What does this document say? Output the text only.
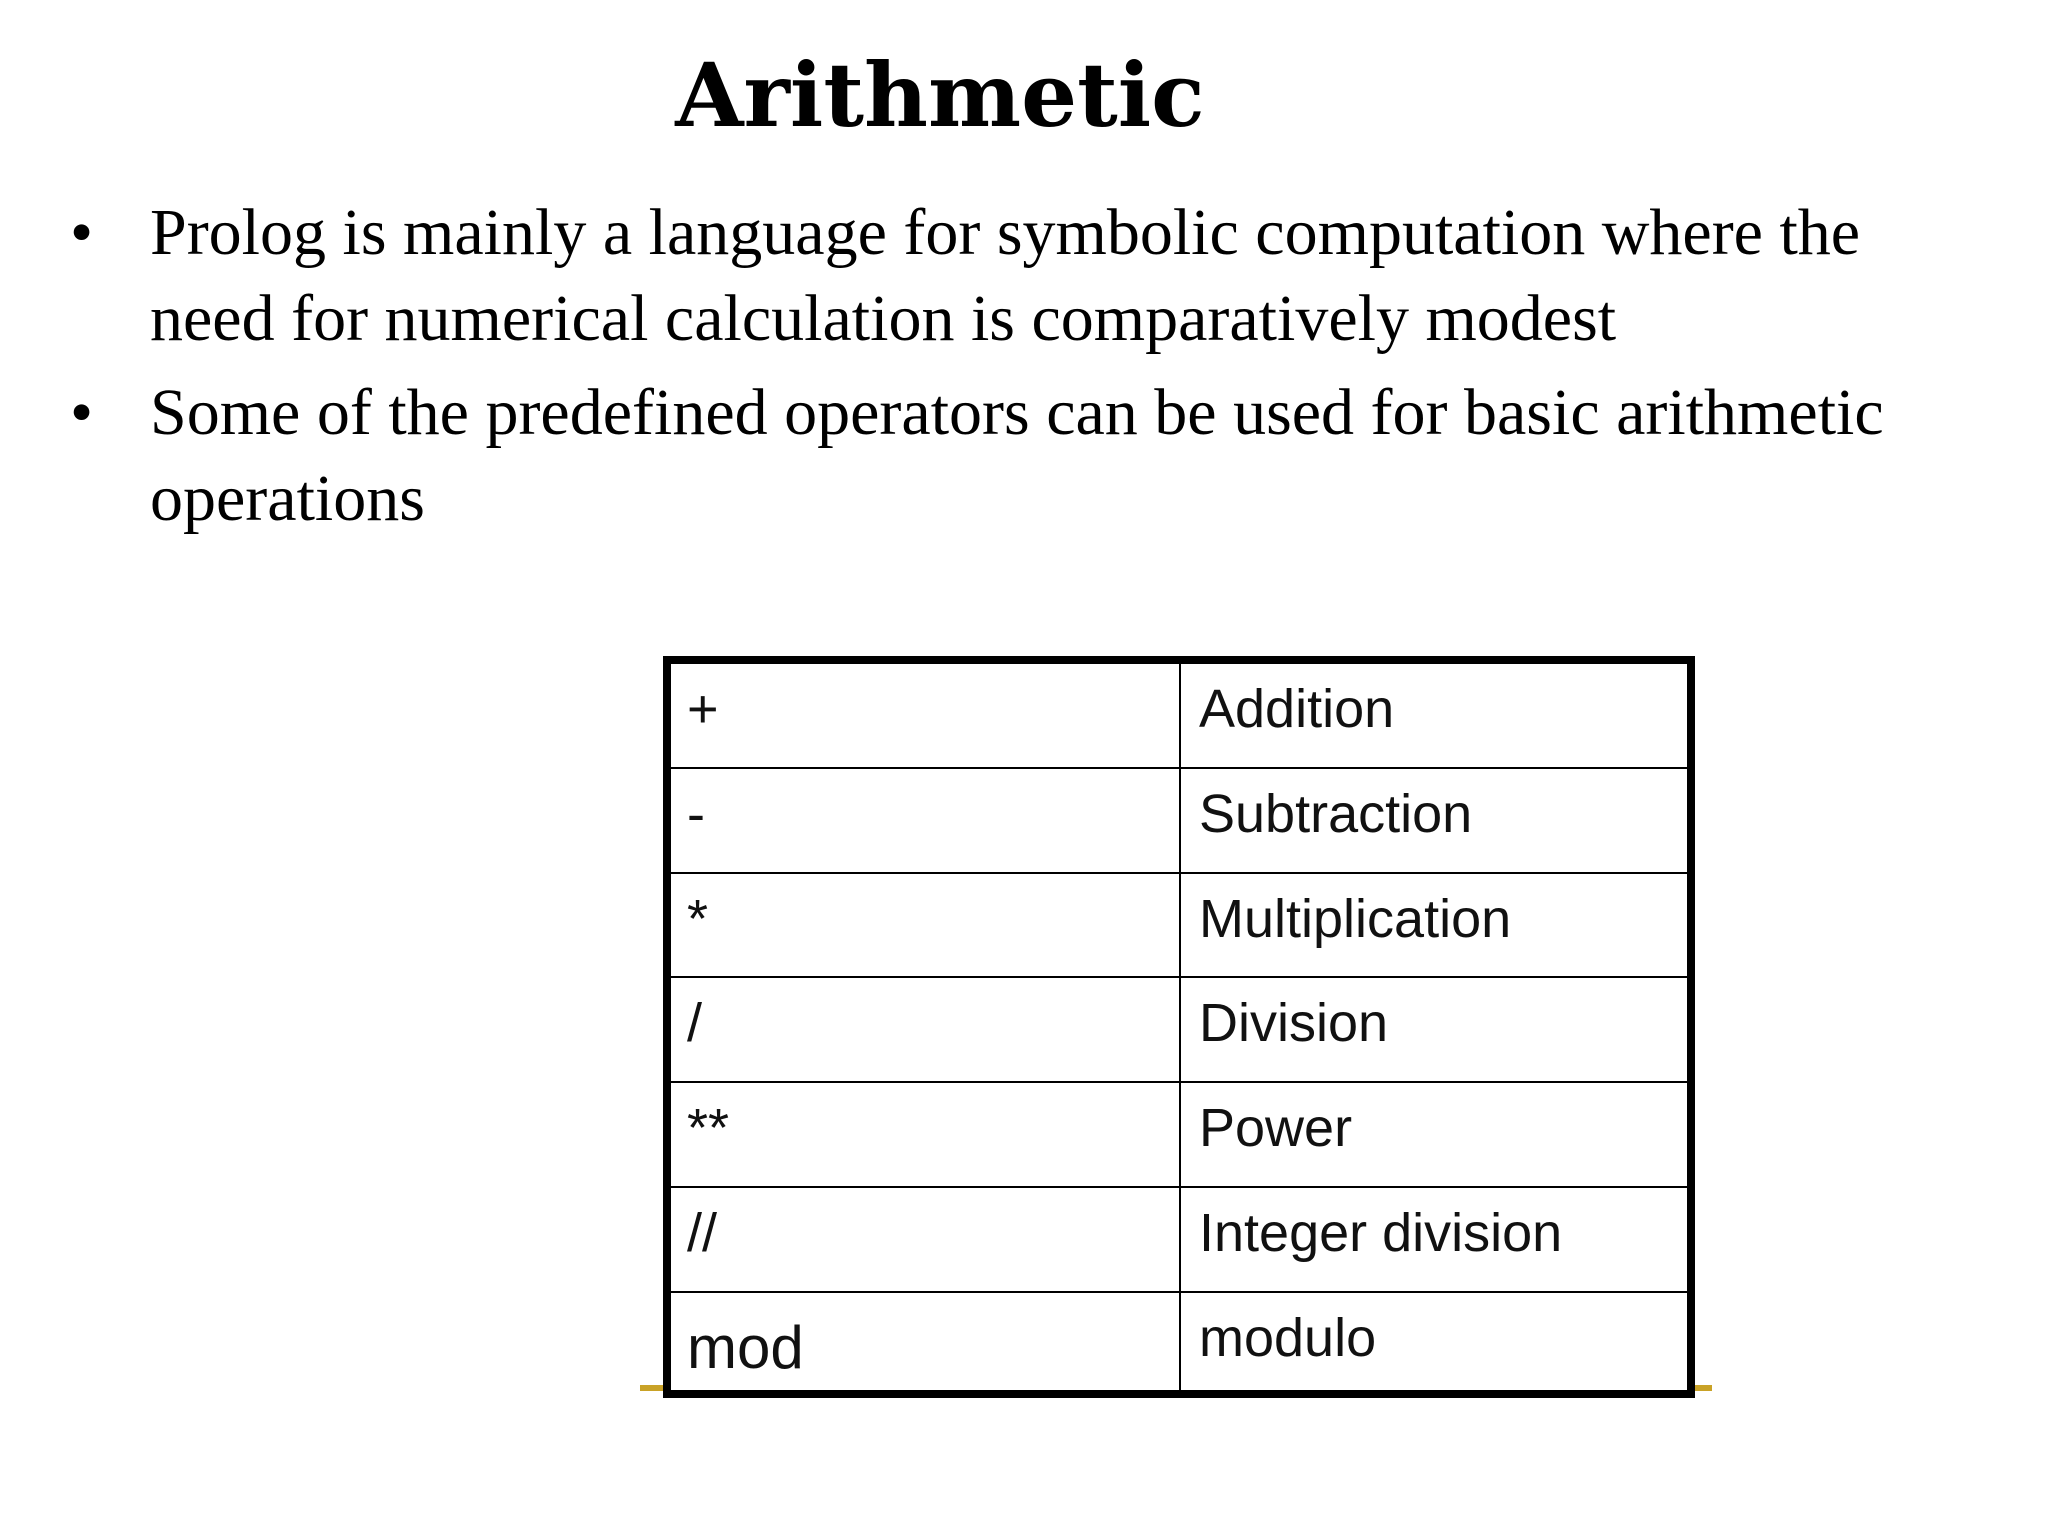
Arithmetic
• Prolog is mainly a language for symbolic computation where the need for numerical calculation is comparatively modest
• Some of the predefined operators can be used for basic arithmetic operations
+	Addition
-	Subtraction
*	Multiplication
/	Division
**	Power
//	Integer division
mod	modulo
